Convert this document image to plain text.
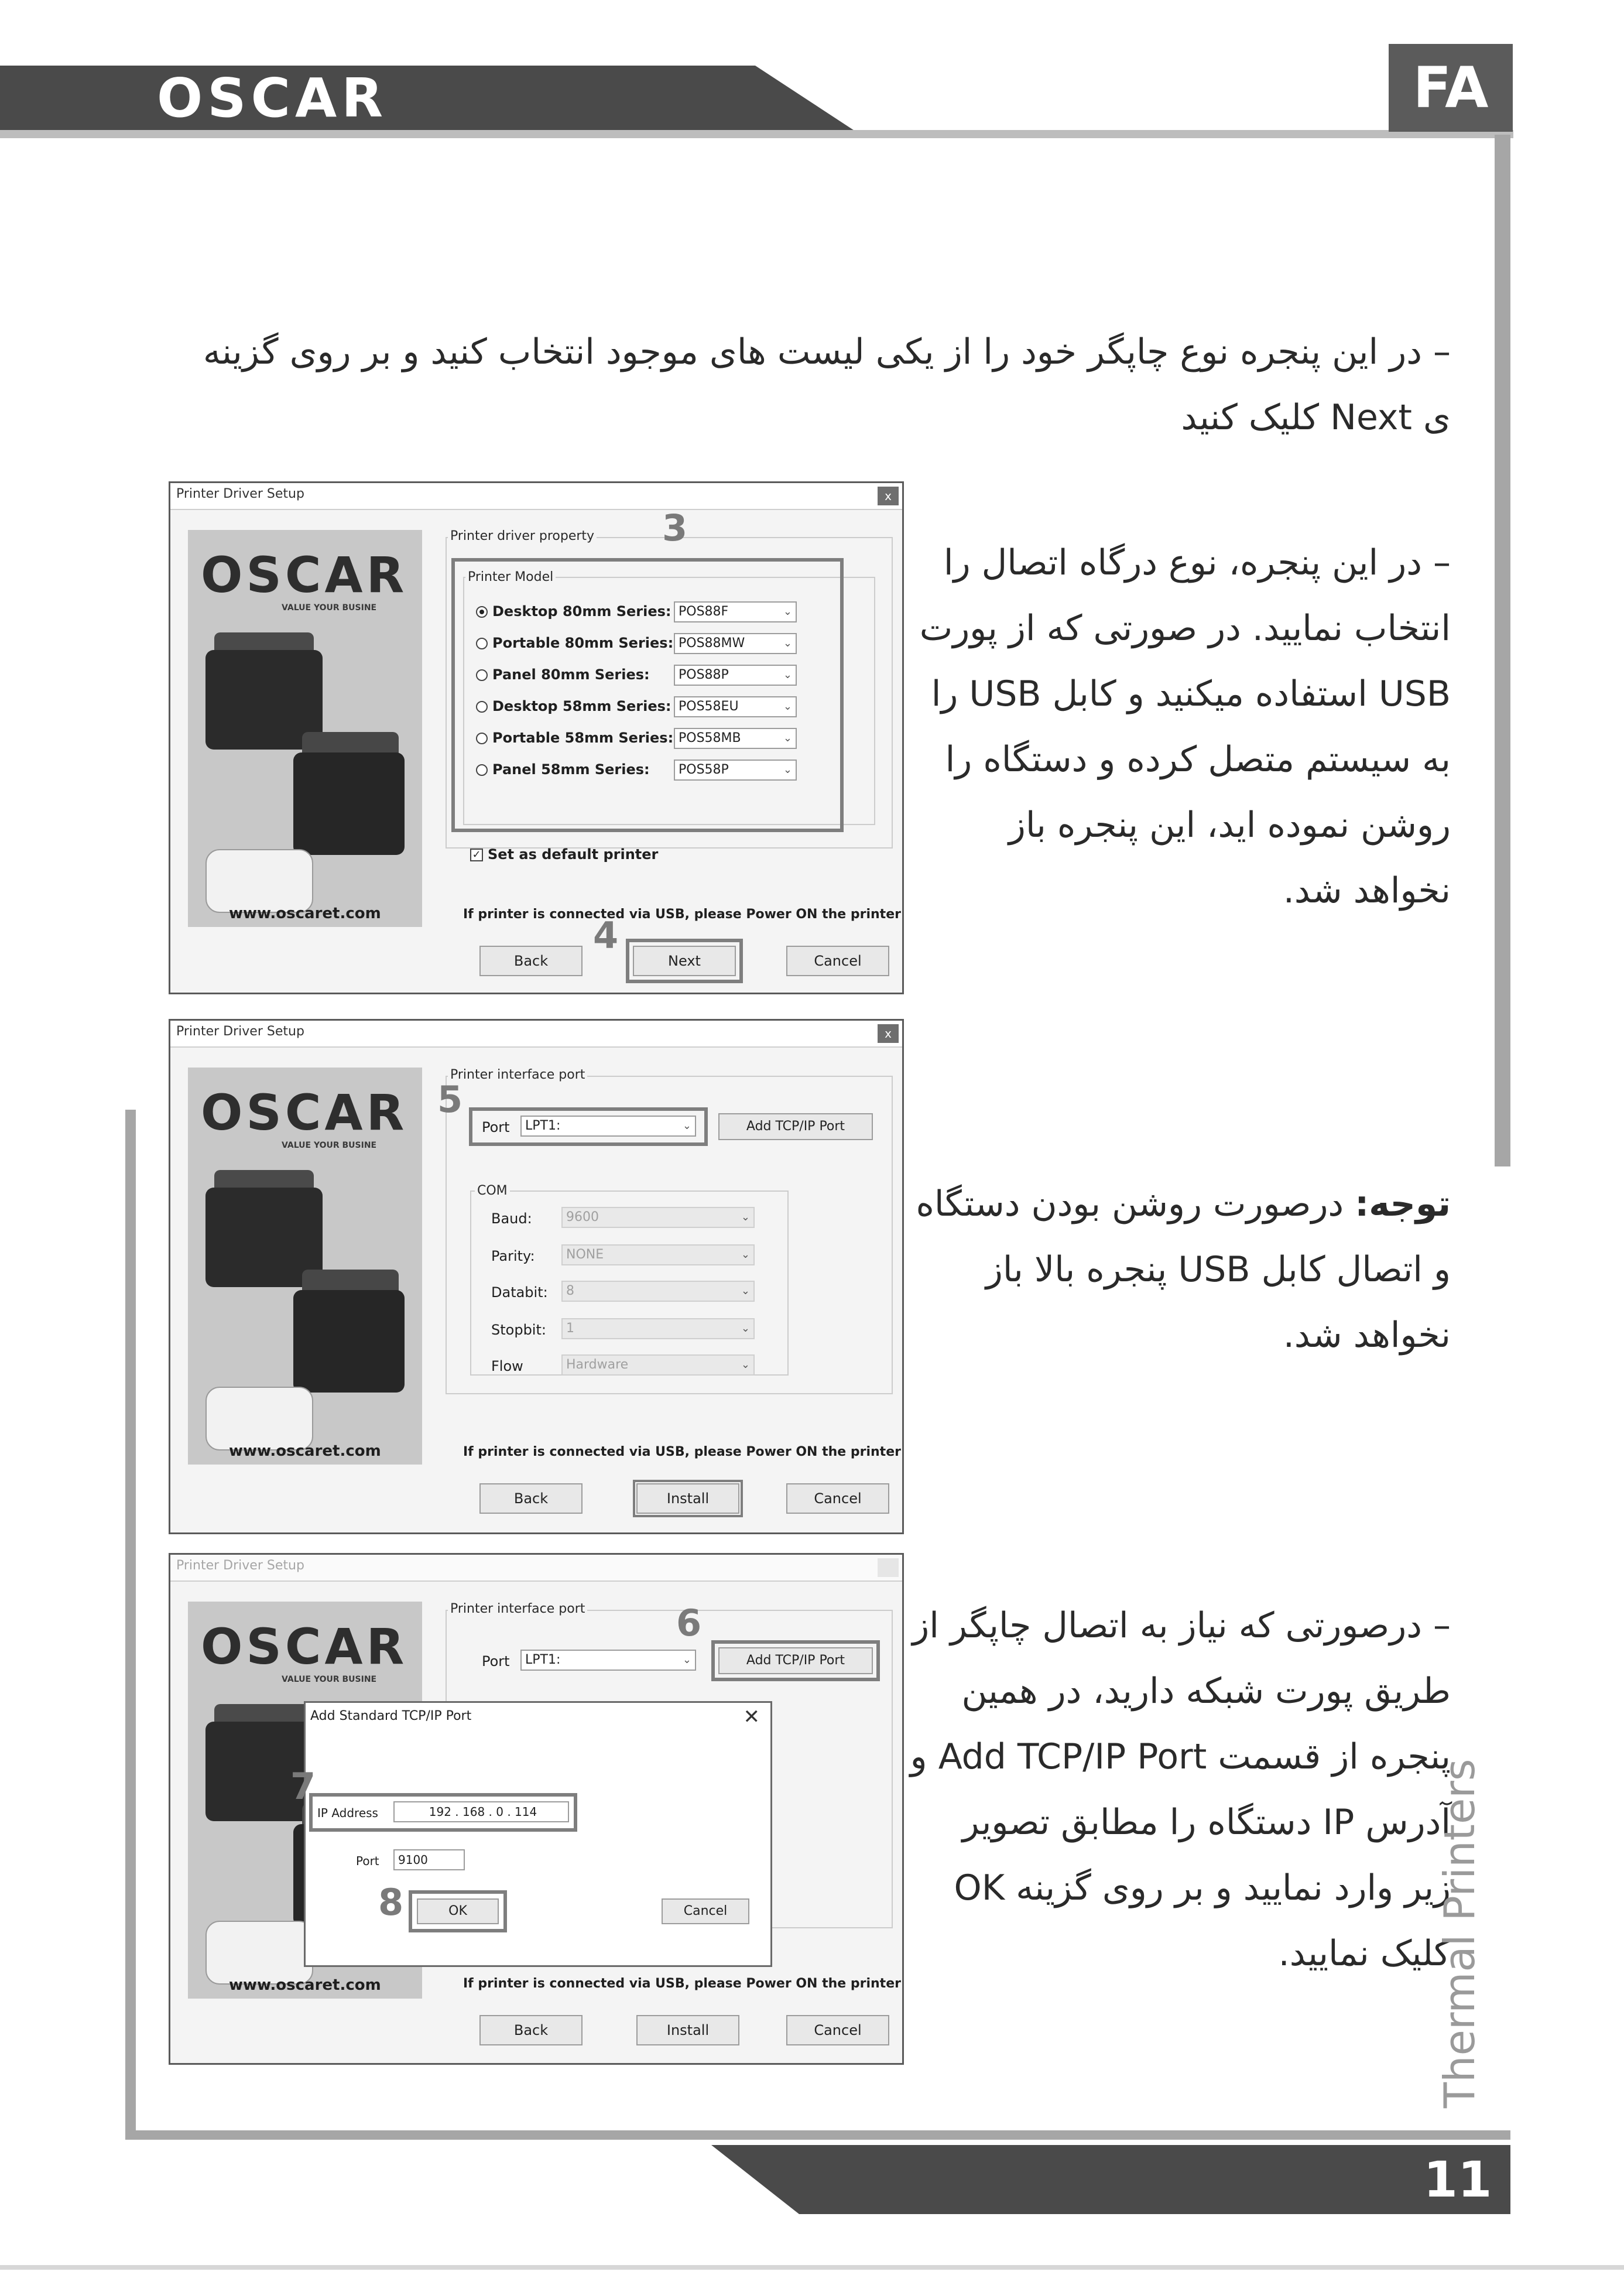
OSCAR	FA
– در این پنجره نوع چاپگر خود را از یکی لیست های موجود انتخاب کنید و بر روی گزینه ی Next کلیک کنید
Printer Driver Setup	x
OSCAR
VALUE YOUR BUSINE
www.oscaret.com
Printer driver property
Printer Model
Desktop 80mm Series: POS88F	⌄
Portable 80mm Series: POS88MW	⌄
Panel 80mm Series:	POS88P	⌄
Desktop 58mm Series: POS58EU	⌄
Portable 58mm Series: POS58MB	⌄
Panel 58mm Series:	POS58P	⌄
3
✓ Set as default printer
If printer is connected via USB, please Power ON the printer
Back	Next	Cancel
4
– در این پنجره، نوع درگاه اتصال را انتخاب نمایید. در صورتی که از پورت USB استفاده میکنید و کابل USB را به سیستم متصل کرده و دستگاه را روشن نموده اید، این پنجره باز نخواهد شد.
Printer Driver Setup	x
OSCAR
VALUE YOUR BUSINE
www.oscaret.com
Printer interface port
Port	LPT1:	⌄
5
Add TCP/IP Port
COM
Baud:	9600	⌄
Parity:	NONE	⌄
Databit:	8	⌄
Stopbit:	1	⌄
Flow	Hardware	⌄
If printer is connected via USB, please Power ON the printer
Back	Install	Cancel
توجه: درصورت روشن بودن دستگاه و اتصال کابل USB پنجره بالا باز نخواهد شد.
Printer Driver Setup
OSCAR
VALUE YOUR BUSINE
www.oscaret.com
Printer interface port
Port	LPT1:	⌄	Add TCP/IP Port
6
Add Standard TCP/IP Port	✕
IP Address	192 . 168 . 0 . 114
7
Port	9100
OK
8	Cancel
If printer is connected via USB, please Power ON the printer
Back	Install	Cancel
– درصورتی که نیاز به اتصال چاپگر از طریق پورت شبکه دارید، در همین پنجره از قسمت Add TCP/IP Port و آدرس IP دستگاه را مطابق تصویر زیر وارد نمایید و بر روی گزینه OK کلیک نمایید.
Thermal Printers
11
